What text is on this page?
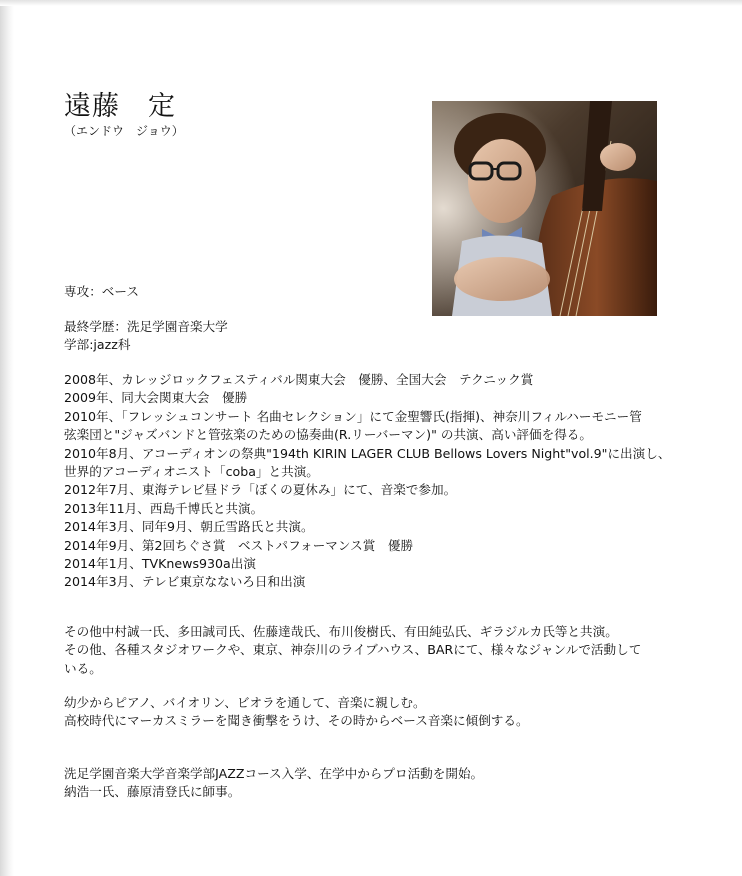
遠藤　定
（エンドウ　ジョウ）
専攻：ベース
最終学歴：洗足学園音楽大学
学部:jazz科
2008年、カレッジロックフェスティバル関東大会　優勝、全国大会　テクニック賞
2009年、同大会関東大会　優勝
2010年、「フレッシュコンサート 名曲セレクション」にて金聖響氏(指揮)、神奈川フィルハーモニー管
弦楽団と"ジャズバンドと管弦楽のための協奏曲(R.リーバーマン)" の共演、高い評価を得る。
2010年8月、アコーディオンの祭典"194th KIRIN LAGER CLUB Bellows Lovers Night"vol.9"に出演し、
世界的アコーディオニスト「coba」と共演。
2012年7月、東海テレビ昼ドラ「ぼくの夏休み」にて、音楽で参加。
2013年11月、西島千博氏と共演。
2014年3月、同年9月、朝丘雪路氏と共演。
2014年9月、第2回ちぐさ賞　ベストパフォーマンス賞　優勝
2014年1月、TVKnews930a出演
2014年3月、テレビ東京なないろ日和出演
その他中村誠一氏、多田誠司氏、佐藤達哉氏、布川俊樹氏、有田純弘氏、ギラジルカ氏等と共演。
その他、各種スタジオワークや、東京、神奈川のライブハウス、BARにて、様々なジャンルで活動して
いる。
幼少からピアノ、バイオリン、ビオラを通して、音楽に親しむ。
高校時代にマーカスミラーを聞き衝撃をうけ、その時からベース音楽に傾倒する。
洗足学園音楽大学音楽学部JAZZコース入学、在学中からプロ活動を開始。
納浩一氏、藤原清登氏に師事。
